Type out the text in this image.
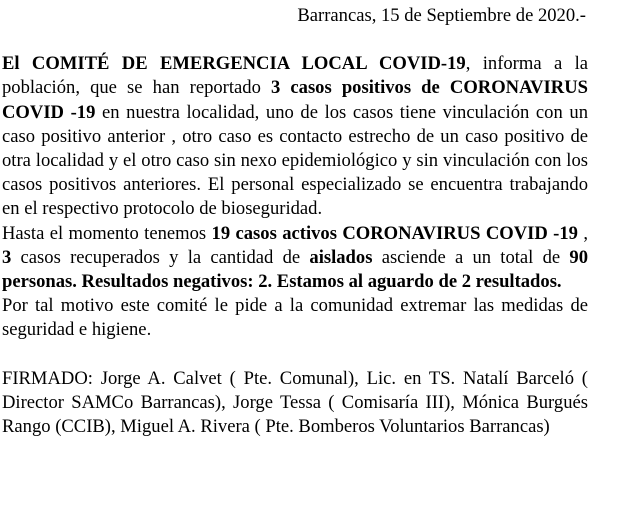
Barrancas, 15 de Septiembre de 2020.-

El COMITÉ DE EMERGENCIA LOCAL COVID-19, informa a la población, que se han reportado 3 casos positivos de CORONAVIRUS COVID -19 en nuestra localidad, uno de los casos tiene vinculación con un caso positivo anterior , otro caso es contacto estrecho de un caso positivo de otra localidad y el otro caso sin nexo epidemiológico y sin vinculación con los casos positivos anteriores. El personal especializado se encuentra trabajando en el respectivo protocolo de bioseguridad.

Hasta el momento tenemos 19 casos activos CORONAVIRUS COVID -19 , 3 casos recuperados y la cantidad de aislados asciende a un total de 90 personas. Resultados negativos: 2. Estamos al aguardo de 2 resultados.

Por tal motivo este comité le pide a la comunidad extremar las medidas de seguridad e higiene.

FIRMADO: Jorge A. Calvet ( Pte. Comunal), Lic. en TS. Natalí Barceló ( Director SAMCo Barrancas), Jorge Tessa ( Comisaría III), Mónica Burgués Rango (CCIB), Miguel A. Rivera ( Pte. Bomberos Voluntarios Barrancas)
